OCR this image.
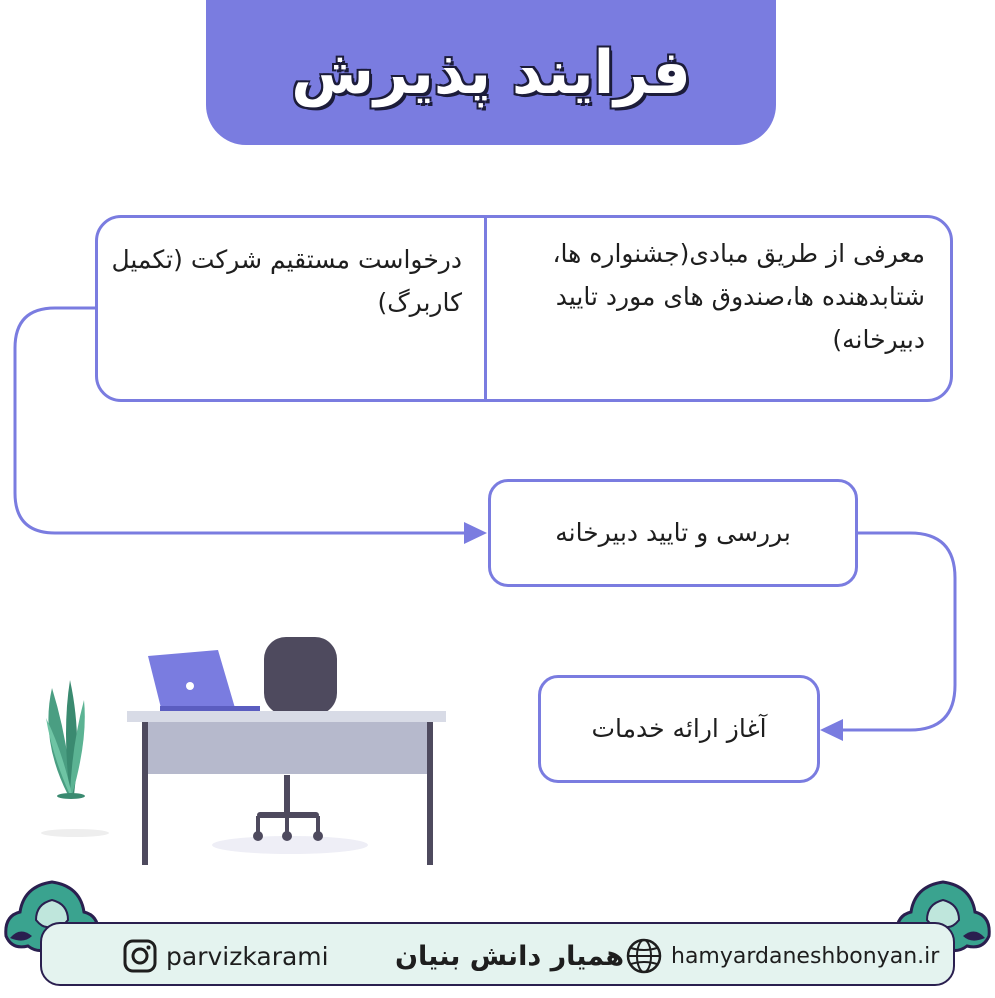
فرایند پذیرش
معرفی از طریق مبادی(جشنواره ها، شتابدهنده ها،صندوق های مورد تایید دبیرخانه)
درخواست مستقیم شرکت (تکمیل کاربرگ)
بررسی و تایید دبیرخانه
آغاز ارائه خدمات
parvizkarami همیار دانش بنیان hamyardaneshbonyan.ir
